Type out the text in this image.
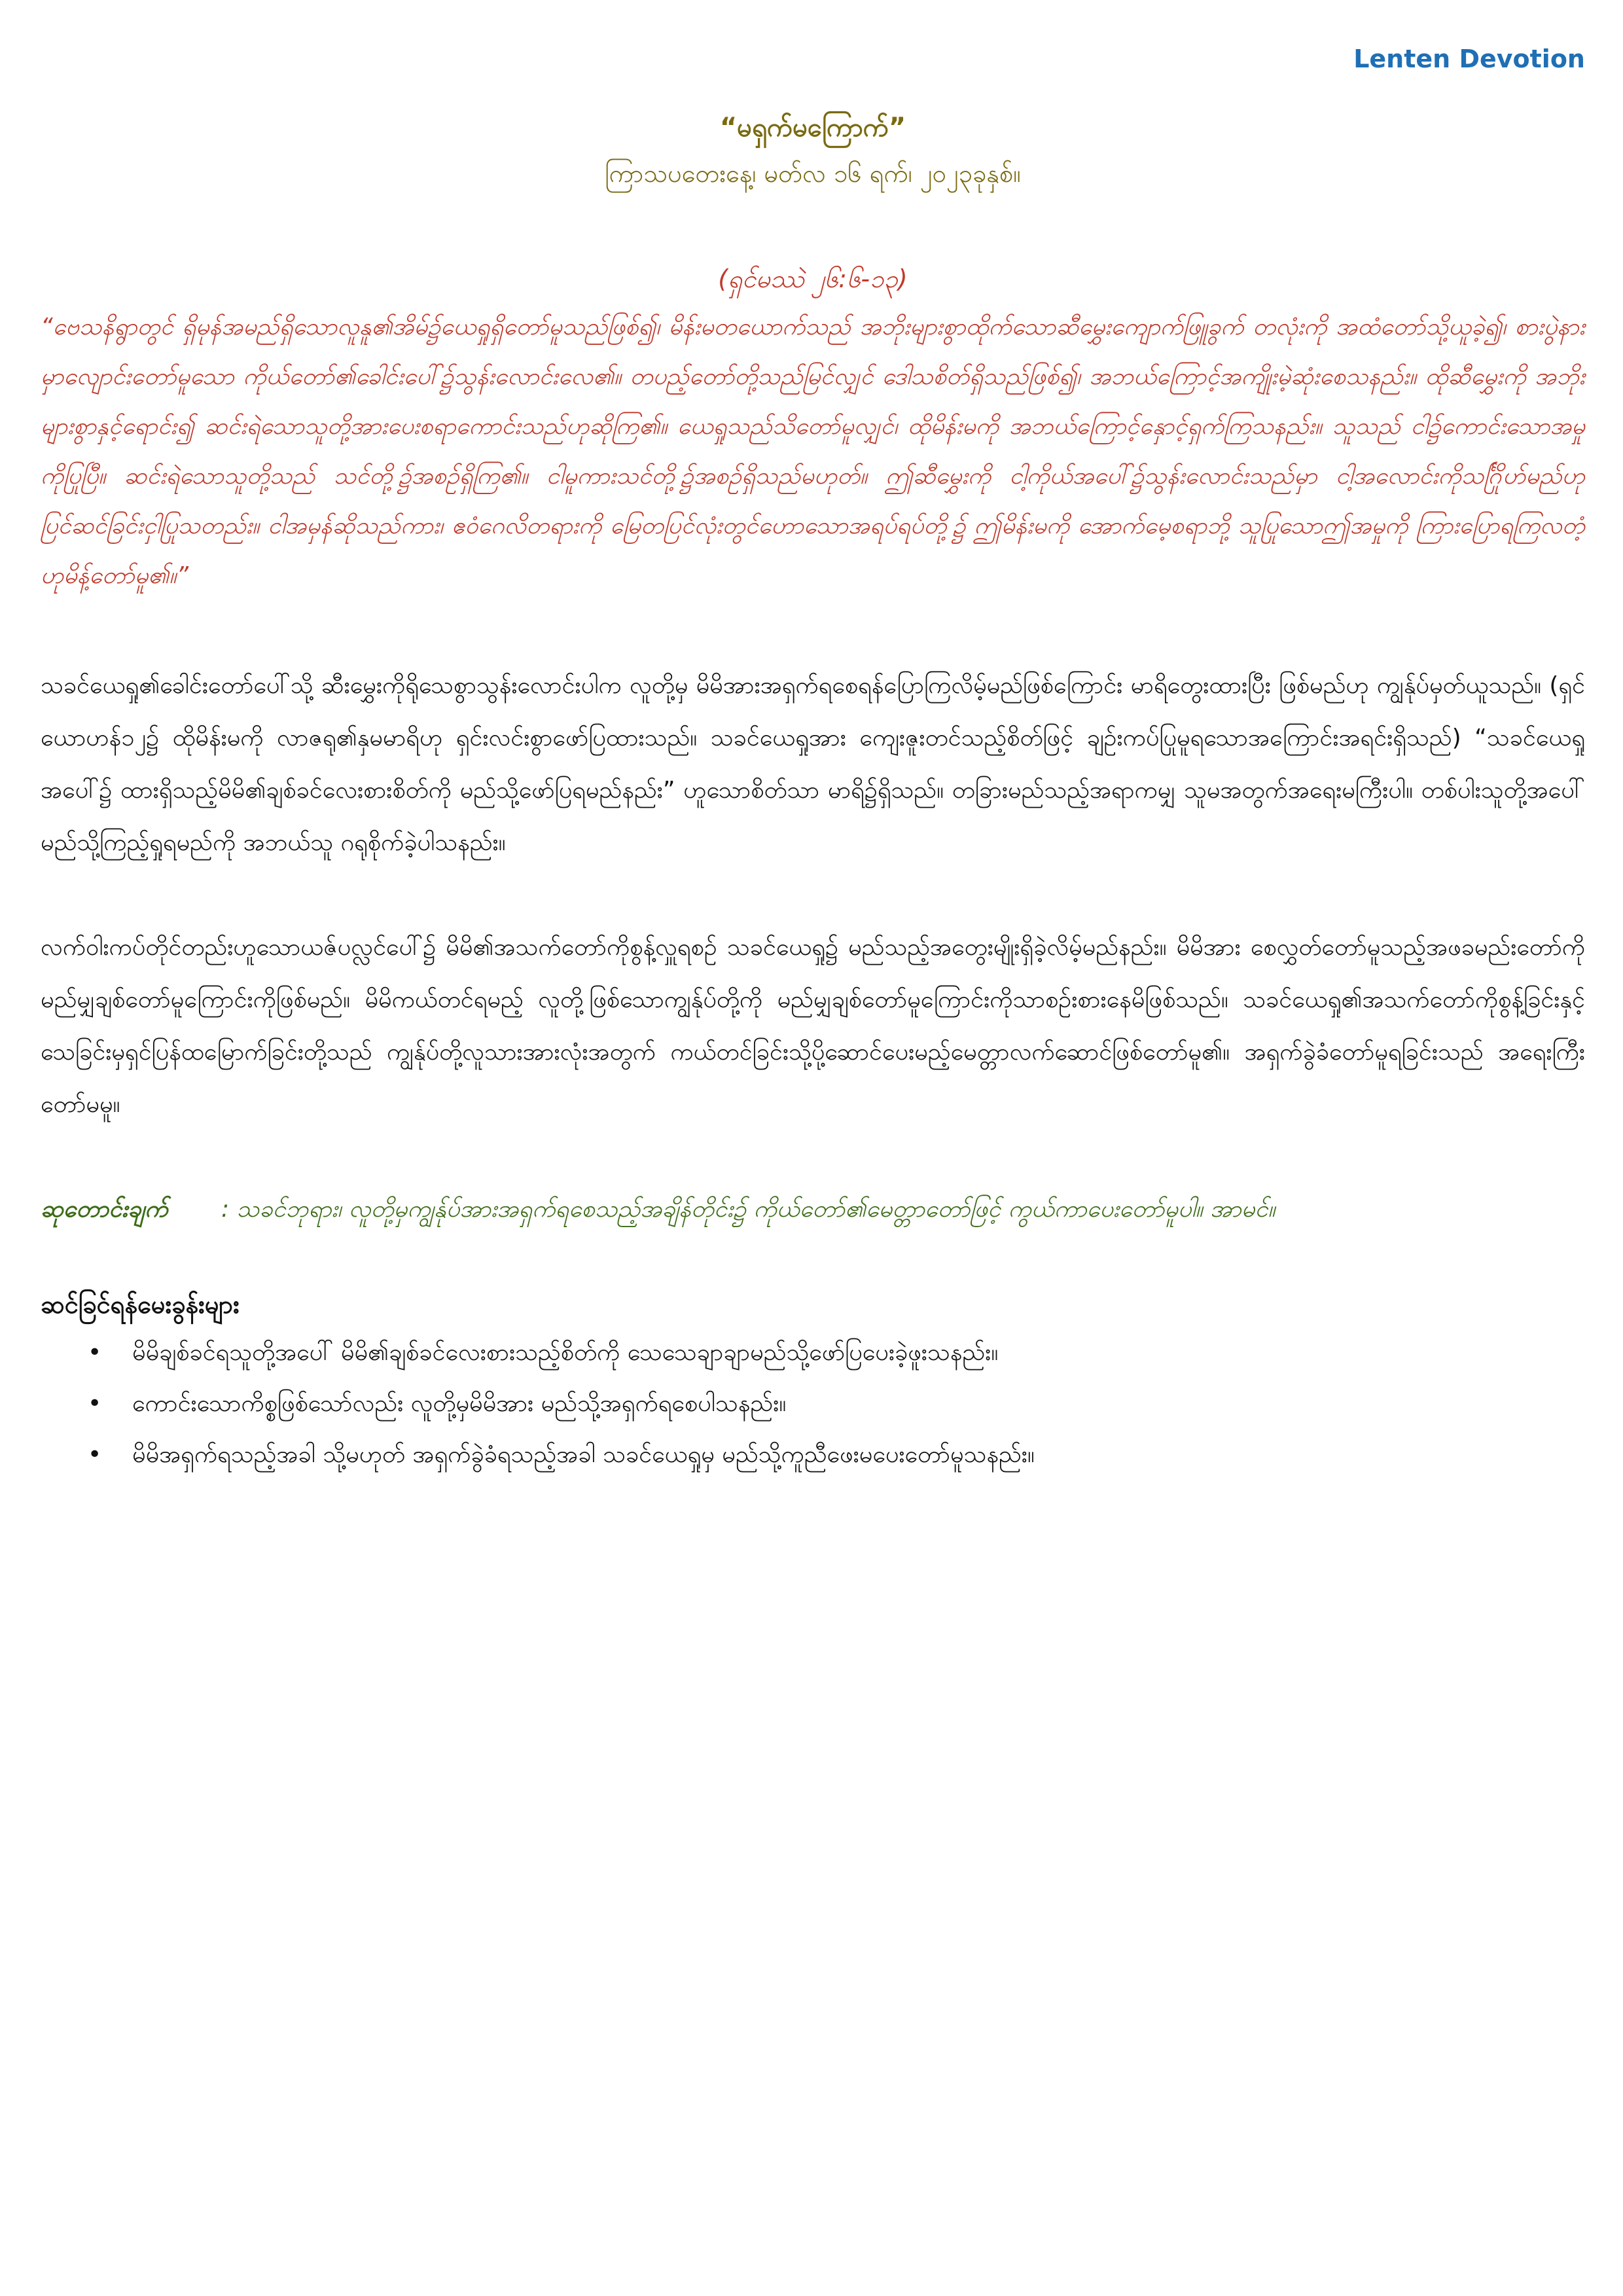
Lenten Devotion
“မရှက်မကြောက်”
ကြာသပတေးနေ့၊ မတ်လ ၁၆ ရက်၊ ၂၀၂၃ခုနှစ်။
(ရှင်မဿဲ ၂၆:၆-၁၃)

“ဗေသနိရွာတွင် ရှိမုန်အမည်ရှိသောလူနူ၏အိမ်၌ယေရှုရှိတော်မူသည်ဖြစ်၍၊ မိန်းမတယောက်သည် အဘိုးများစွာထိုက်သောဆီမွှေးကျောက်ဖြူခွက် တလုံးကို အထံတော်သို့ယူခဲ့၍၊ စားပွဲနားမှာလျောင်းတော်မူသော ကိုယ်တော်၏ခေါင်းပေါ်၌သွန်းလောင်းလေ၏။ တပည့်တော်တို့သည်မြင်လျှင် ဒေါသစိတ်ရှိသည်ဖြစ်၍၊ အဘယ်ကြောင့်အကျိုးမဲ့ဆုံးစေသနည်း။ ထိုဆီမွှေးကို အဘိုးများစွာနှင့်ရောင်း၍ ဆင်းရဲသောသူတို့အားပေးစရာကောင်းသည်ဟုဆိုကြ၏။ ယေရှုသည်သိတော်မူလျှင်၊ ထိုမိန်းမကို အဘယ်ကြောင့်နှောင့်ရှက်ကြသနည်း။ သူသည် ငါ၌ကောင်းသောအမှုကိုပြုပြီ။ ဆင်းရဲသောသူတို့သည် သင်တို့၌အစဉ်ရှိကြ၏။ ငါမူကားသင်တို့၌အစဉ်ရှိသည်မဟုတ်။ ဤဆီမွှေးကို ငါ့ကိုယ်အပေါ်၌သွန်းလောင်းသည်မှာ ငါ့အလောင်းကိုသင်္ဂြိုဟ်မည်ဟု ပြင်ဆင်ခြင်းငှါပြုသတည်း။ ငါအမှန်ဆိုသည်ကား၊ ဧဝံဂေလိတရားကို မြေတပြင်လုံးတွင်ဟောသောအရပ်ရပ်တို့၌ ဤမိန်းမကို အောက်မေ့စရာဘို့ သူပြုသောဤအမှုကို ကြားပြောရကြလတံ့ဟုမိန့်တော်မူ၏။”

သခင်ယေရှု၏ခေါင်းတော်ပေါ်သို့ ဆီးမွှေးကိုရိုသေစွာသွန်းလောင်းပါက လူတို့မှ မိမိအားအရှက်ရစေရန်ပြောကြလိမ့်မည်ဖြစ်ကြောင်း မာရိတွေးထားပြီး ဖြစ်မည်ဟု ကျွန်ုပ်မှတ်ယူသည်။ (ရှင်ယောဟန်၁၂၌ ထိုမိန်းမကို လာဇရု၏နှမမာရိဟု ရှင်းလင်းစွာဖော်ပြထားသည်။ သခင်ယေရှုအား ကျေးဇူးတင်သည့်စိတ်ဖြင့် ချဉ်းကပ်ပြုမူရသောအကြောင်းအရင်းရှိသည်) “သခင်ယေရှုအပေါ်၌ ထားရှိသည့်မိမိ၏ချစ်ခင်လေးစားစိတ်ကို မည်သို့ဖော်ပြရမည်နည်း” ဟူသောစိတ်သာ မာရိ၌ရှိသည်။ တခြားမည်သည့်အရာကမျှ သူမအတွက်အရေးမကြီးပါ။ တစ်ပါးသူတို့အပေါ်မည်သို့ကြည့်ရှုရမည်ကို အဘယ်သူ ဂရုစိုက်ခဲ့ပါသနည်း။

လက်ဝါးကပ်တိုင်တည်းဟူသောယဇ်ပလ္လင်ပေါ်၌ မိမိ၏အသက်တော်ကိုစွန့်လှူရစဉ် သခင်ယေရှု၌ မည်သည့်အတွေးမျိုးရှိခဲ့လိမ့်မည်နည်း။ မိမိအား စေလွှတ်တော်မူသည့်အဖခမည်းတော်ကို မည်မျှချစ်တော်မူကြောင်းကိုဖြစ်မည်။ မိမိကယ်တင်ရမည့် လူတို့ဖြစ်သောကျွန်ုပ်တို့ကို မည်မျှချစ်တော်မူကြောင်းကိုသာစဉ်းစားနေမိဖြစ်သည်။ သခင်ယေရှု၏အသက်တော်ကိုစွန့်ခြင်းနှင့် သေခြင်းမှရှင်ပြန်ထမြောက်ခြင်းတို့သည် ကျွန်ုပ်တို့လူသားအားလုံးအတွက် ကယ်တင်ခြင်းသို့ပို့ဆောင်ပေးမည့်မေတ္တာလက်ဆောင်ဖြစ်တော်မူ၏။ အရှက်ခွဲခံတော်မူရခြင်းသည် အရေးကြီးတော်မမူ။

ဆုတောင်းချက် : သခင်ဘုရား၊ လူတို့မှကျွန်ုပ်အားအရှက်ရစေသည့်အချိန်တိုင်း၌ ကိုယ်တော်၏မေတ္တာတော်ဖြင့် ကွယ်ကာပေးတော်မူပါ။ အာမင်။

ဆင်ခြင်ရန်မေးခွန်းများ
• မိမိချစ်ခင်ရသူတို့အပေါ် မိမိ၏ချစ်ခင်လေးစားသည့်စိတ်ကို သေသေချာချာမည်သို့ဖော်ပြပေးခဲ့ဖူးသနည်း။
• ကောင်းသောကိစ္စဖြစ်သော်လည်း လူတို့မှမိမိအား မည်သို့အရှက်ရစေပါသနည်း။
• မိမိအရှက်ရသည့်အခါ သို့မဟုတ် အရှက်ခွဲခံရသည့်အခါ သခင်ယေရှုမှ မည်သို့ကူညီဖေးမပေးတော်မူသနည်း။
